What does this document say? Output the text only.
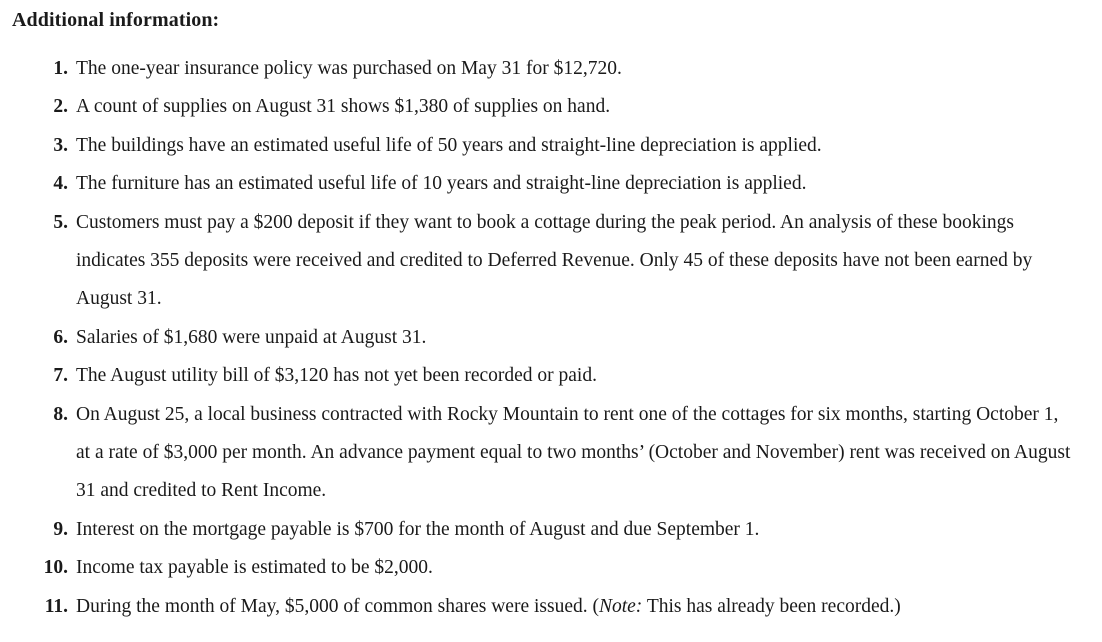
Additional information:
1. The one-year insurance policy was purchased on May 31 for $12,720.
2. A count of supplies on August 31 shows $1,380 of supplies on hand.
3. The buildings have an estimated useful life of 50 years and straight-line depreciation is applied.
4. The furniture has an estimated useful life of 10 years and straight-line depreciation is applied.
5. Customers must pay a $200 deposit if they want to book a cottage during the peak period. An analysis of these bookings indicates 355 deposits were received and credited to Deferred Revenue. Only 45 of these deposits have not been earned by August 31.
6. Salaries of $1,680 were unpaid at August 31.
7. The August utility bill of $3,120 has not yet been recorded or paid.
8. On August 25, a local business contracted with Rocky Mountain to rent one of the cottages for six months, starting October 1, at a rate of $3,000 per month. An advance payment equal to two months’ (October and November) rent was received on August 31 and credited to Rent Income.
9. Interest on the mortgage payable is $700 for the month of August and due September 1.
10. Income tax payable is estimated to be $2,000.
11. During the month of May, $5,000 of common shares were issued. (Note: This has already been recorded.)
